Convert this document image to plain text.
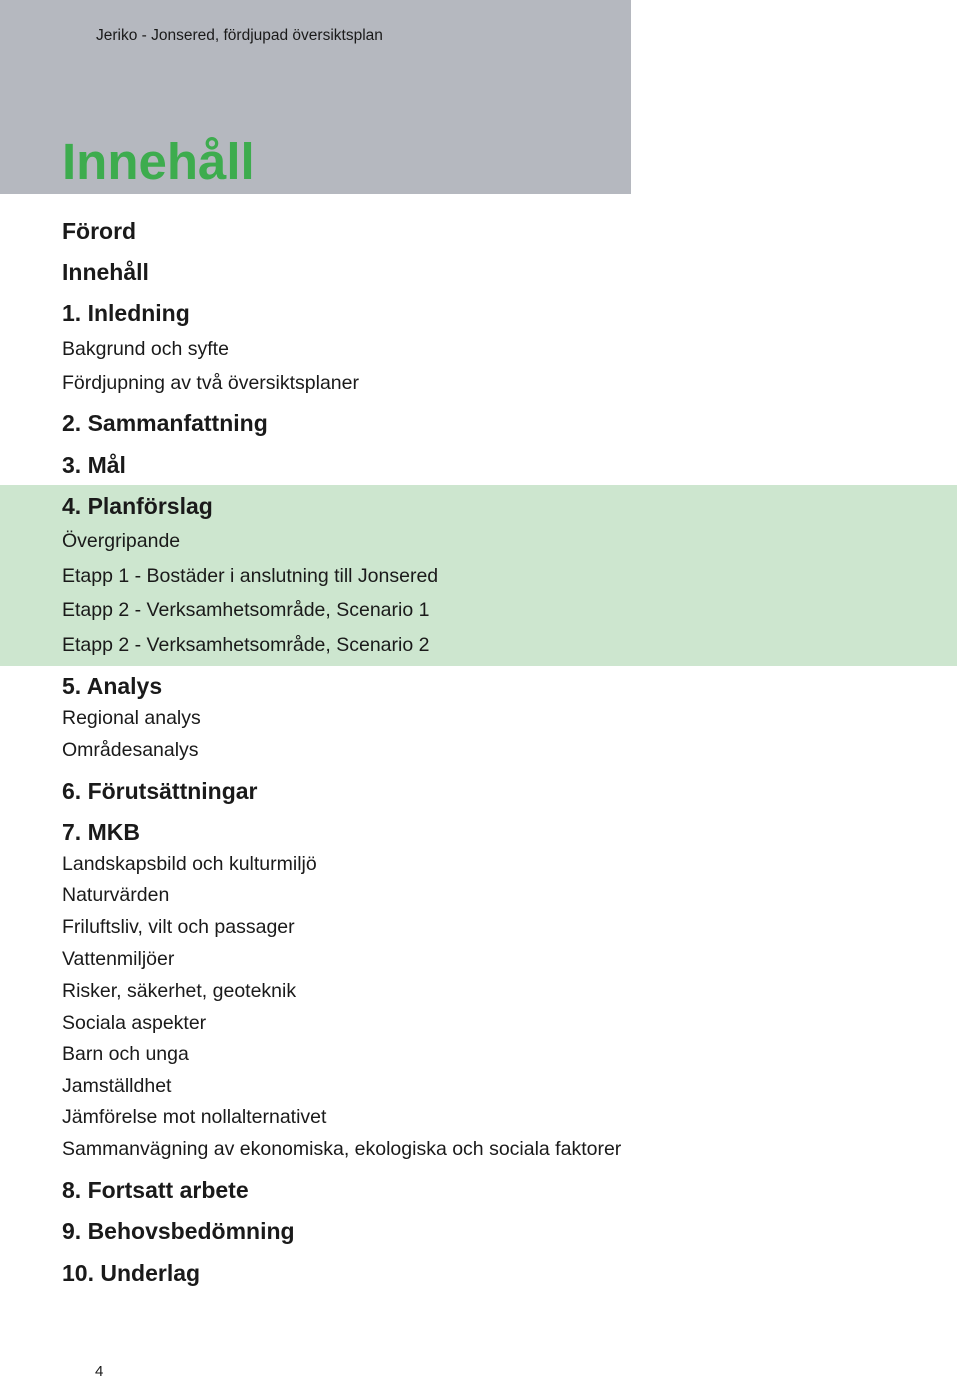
Jeriko - Jonsered, fördjupad översiktsplan
Innehåll
Förord
Innehåll
1. Inledning
Bakgrund och syfte
Fördjupning av två översiktsplaner
2. Sammanfattning
3. Mål
4. Planförslag
Övergripande
Etapp 1 - Bostäder i anslutning till Jonsered
Etapp 2 - Verksamhetsområde, Scenario 1
Etapp 2 - Verksamhetsområde, Scenario 2
5. Analys
Regional analys
Områdesanalys
6. Förutsättningar
7. MKB
Landskapsbild och kulturmiljö
Naturvärden
Friluftsliv, vilt och passager
Vattenmiljöer
Risker, säkerhet, geoteknik
Sociala aspekter
Barn och unga
Jamställdhet
Jämförelse mot nollalternativet
Sammanvägning av ekonomiska, ekologiska och sociala faktorer
8. Fortsatt arbete
9. Behovsbedömning
10. Underlag
4
